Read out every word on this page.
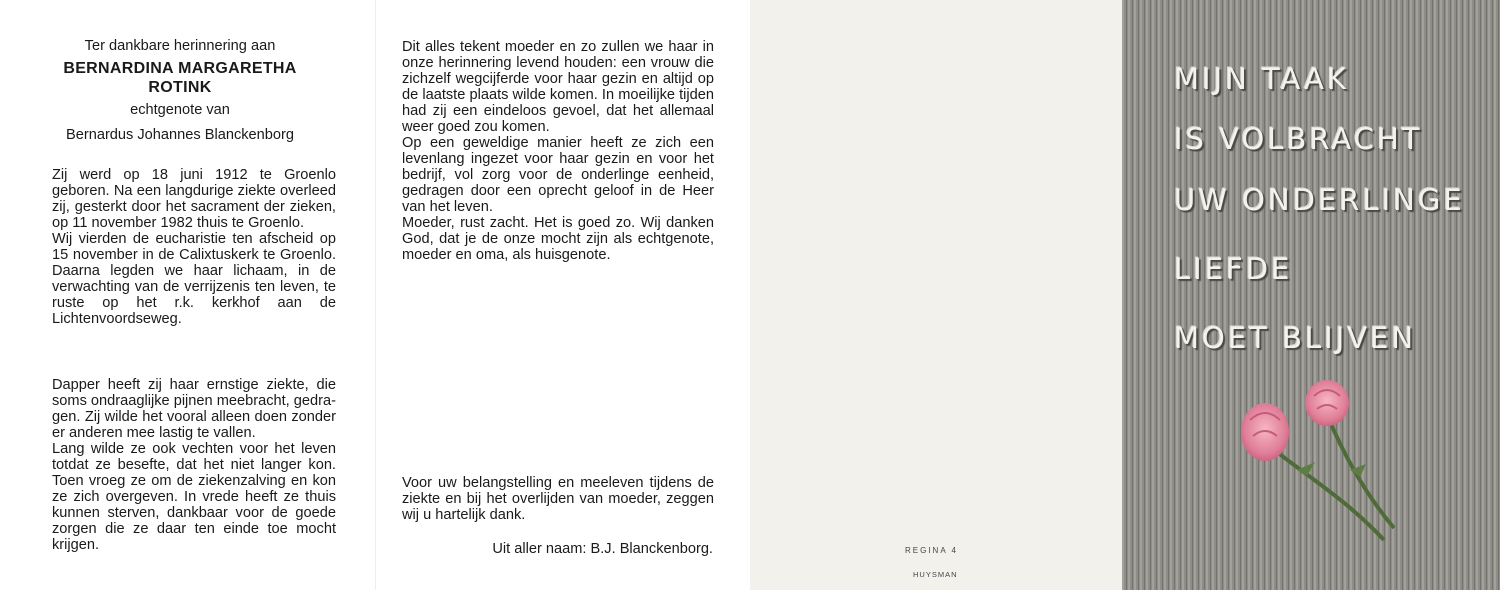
Ter dankbare herinnering aan
BERNARDINA MARGARETHA
ROTINK
echtgenote van
Bernardus Johannes Blanckenborg

Zij werd op 18 juni 1912 te Groenlo geboren. Na een langdurige ziekte overleed zij, gesterkt door het sacrament der zieken, op 11 november 1982 thuis te Groenlo.

Wij vierden de eucharistie ten afscheid op 15 november in de Calixtuskerk te Groenlo. Daarna legden we haar lichaam, in de verwachting van de verrijzenis ten leven, te ruste op het r.k. kerkhof aan de Lichtenvoordseweg.

Dapper heeft zij haar ernstige ziekte, die soms ondraaglijke pijnen meebracht, gedragen. Zij wilde het vooral alleen doen zonder er anderen mee lastig te vallen.

Lang wilde ze ook vechten voor het leven totdat ze besefte, dat het niet langer kon. Toen vroeg ze om de ziekenzalving en kon ze zich overgeven. In vrede heeft ze thuis kunnen sterven, dankbaar voor de goede zorgen die ze daar ten einde toe mocht krijgen.

Dit alles tekent moeder en zo zullen we haar in onze herinnering levend houden: een vrouw die zichzelf wegcijferde voor haar gezin en altijd op de laatste plaats wilde komen. In moeilijke tijden had zij een eindeloos gevoel, dat het allemaal weer goed zou komen.

Op een geweldige manier heeft ze zich een levenlang ingezet voor haar gezin en voor het bedrijf, vol zorg voor de onderlinge eenheid, gedragen door een oprecht geloof in de Heer van het leven.

Moeder, rust zacht. Het is goed zo. Wij danken God, dat je de onze mocht zijn als echtgenote, moeder en oma, als huisgenote.

Voor uw belangstelling en meeleven tijdens de ziekte en bij het overlijden van moeder, zeggen wij u hartelijk dank.
Uit aller naam: B.J. Blanckenborg.	REGINA 4
HUYSMAN
MIJN TAAK
IS VOLBRACHT
UW ONDERLINGE
LIEFDE
MOET BLIJVEN
